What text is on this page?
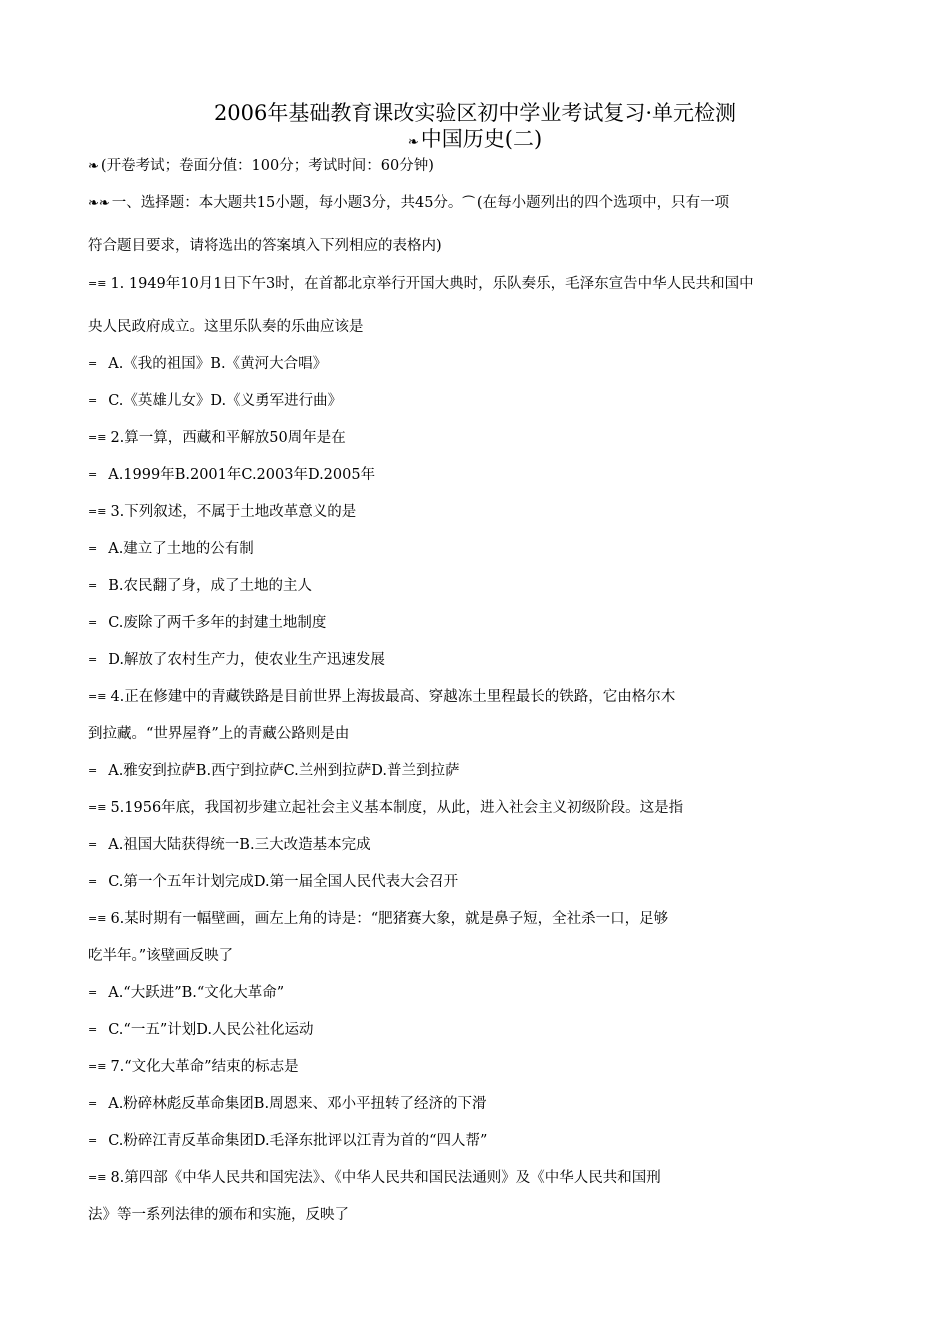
2006年基础教育课改实验区初中学业考试复习·单元检测
❧中国历史(二)
❧ (开卷考试；卷面分值：100分；考试时间：60分钟)
❧❧ 一、选择题：本大题共15小题，每小题3分，共45分。⏜ (在每小题列出的四个选项中，只有一项
符合题目要求，请将选出的答案填入下列相应的表格内)
=≡ 1. 1949年10月1日下午3时，在首都北京举行开国大典时，乐队奏乐，毛泽东宣告中华人民共和国中
央人民政府成立。这里乐队奏的乐曲应该是
=  A.《我的祖国》B.《黄河大合唱》
=  C.《英雄儿女》D.《义勇军进行曲》
=≡ 2.算一算，西藏和平解放50周年是在
=  A.1999年B.2001年C.2003年D.2005年
=≡ 3.下列叙述，不属于土地改革意义的是
=  A.建立了土地的公有制
=  B.农民翻了身，成了土地的主人
=  C.废除了两千多年的封建土地制度
=  D.解放了农村生产力，使农业生产迅速发展
=≡ 4.正在修建中的青藏铁路是目前世界上海拔最高、穿越冻土里程最长的铁路，它由格尔木
到拉藏。“世界屋脊”上的青藏公路则是由
=  A.雅安到拉萨B.西宁到拉萨C.兰州到拉萨D.普兰到拉萨
=≡ 5.1956年底，我国初步建立起社会主义基本制度，从此，进入社会主义初级阶段。这是指
=  A.祖国大陆获得统一B.三大改造基本完成
=  C.第一个五年计划完成D.第一届全国人民代表大会召开
=≡ 6.某时期有一幅壁画，画左上角的诗是：“肥猪赛大象，就是鼻子短，全社杀一口，足够
吃半年。”该壁画反映了
=  A.“大跃进”B.“文化大革命”
=  C.“一五”计划D.人民公社化运动
=≡ 7.“文化大革命”结束的标志是
=  A.粉碎林彪反革命集团B.周恩来、邓小平扭转了经济的下滑
=  C.粉碎江青反革命集团D.毛泽东批评以江青为首的“四人帮”
=≡ 8.第四部《中华人民共和国宪法》、《中华人民共和国民法通则》及《中华人民共和国刑
法》等一系列法律的颁布和实施，反映了
